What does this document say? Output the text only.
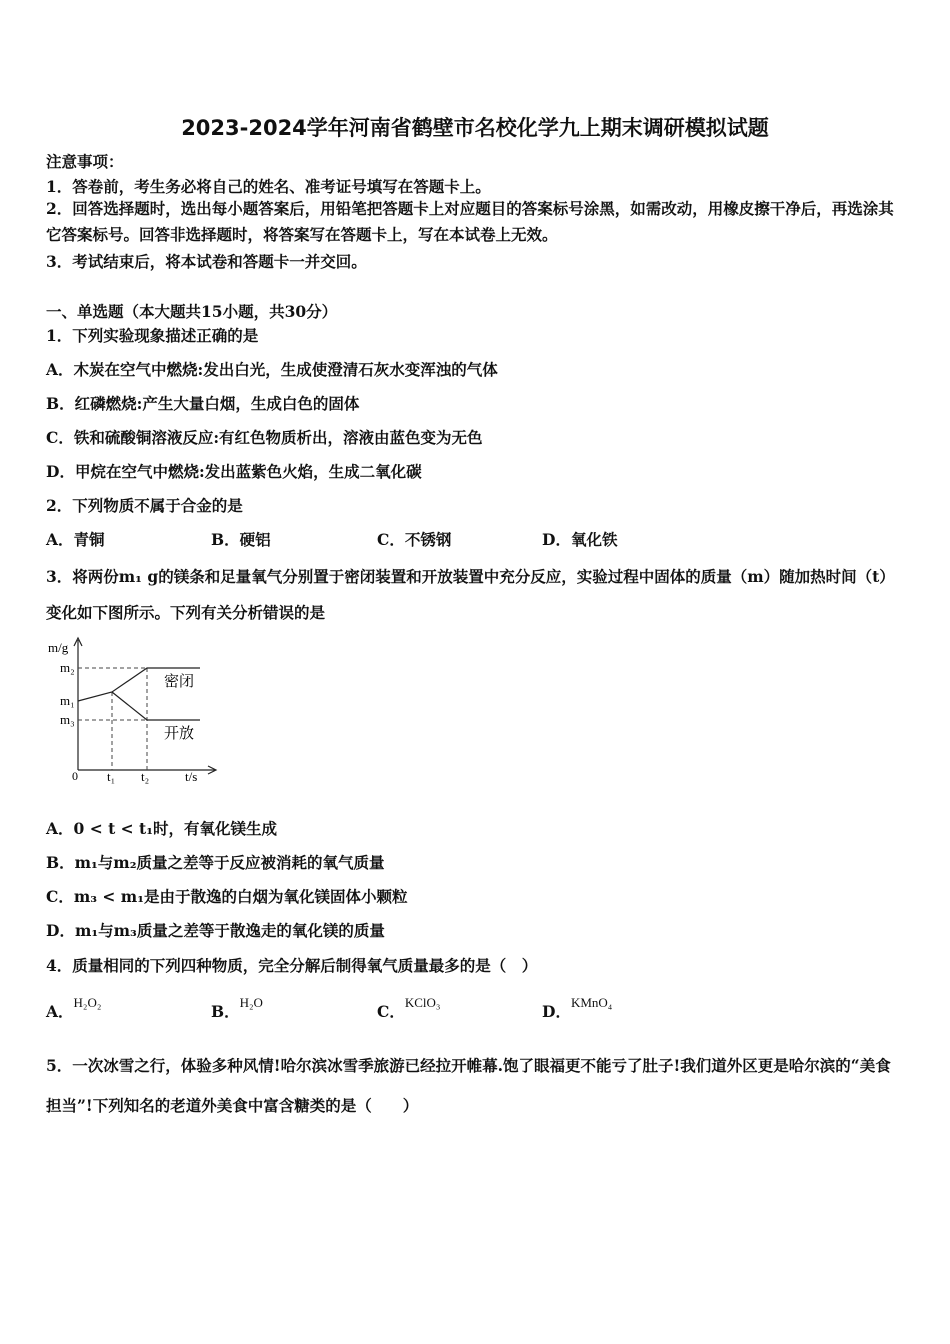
2023-2024学年河南省鹤壁市名校化学九上期末调研模拟试题
注意事项：
1．答卷前，考生务必将自己的姓名、准考证号填写在答题卡上。
2．回答选择题时，选出每小题答案后，用铅笔把答题卡上对应题目的答案标号涂黑，如需改动，用橡皮擦干净后，再选涂其它答案标号。回答非选择题时，将答案写在答题卡上，写在本试卷上无效。
3．考试结束后，将本试卷和答题卡一并交回。
一、单选题（本大题共15小题，共30分）
1．下列实验现象描述正确的是
A．木炭在空气中燃烧:发出白光，生成使澄清石灰水变浑浊的气体
B．红磷燃烧:产生大量白烟，生成白色的固体
C．铁和硫酸铜溶液反应:有红色物质析出，溶液由蓝色变为无色
D．甲烷在空气中燃烧:发出蓝紫色火焰，生成二氧化碳
2．下列物质不属于合金的是
A．青铜	B．硬铝	C．不锈钢	D．氧化铁
3．将两份m₁ g的镁条和足量氧气分别置于密闭装置和开放装置中充分反应，实验过程中固体的质量（m）随加热时间（t）变化如下图所示。下列有关分析错误的是
m/g
m₂
m₁
m₃
0 t₁ t₂	t/s
密闭
开放
A．0 < t < t₁时，有氧化镁生成
B．m₁与m₂质量之差等于反应被消耗的氧气质量
C．m₃ < m₁是由于散逸的白烟为氧化镁固体小颗粒
D．m₁与m₃质量之差等于散逸走的氧化镁的质量
4．质量相同的下列四种物质，完全分解后制得氧气质量最多的是（　）
A．$^{H_2O_2}$	B．$^{H_2O}$	C．$^{KClO_3}$	D．$^{KMnO_4}$
5．一次冰雪之行，体验多种风情!哈尔滨冰雪季旅游已经拉开帷幕.饱了眼福更不能亏了肚子!我们道外区更是哈尔滨的“美食担当”!下列知名的老道外美食中富含糖类的是（　　）
